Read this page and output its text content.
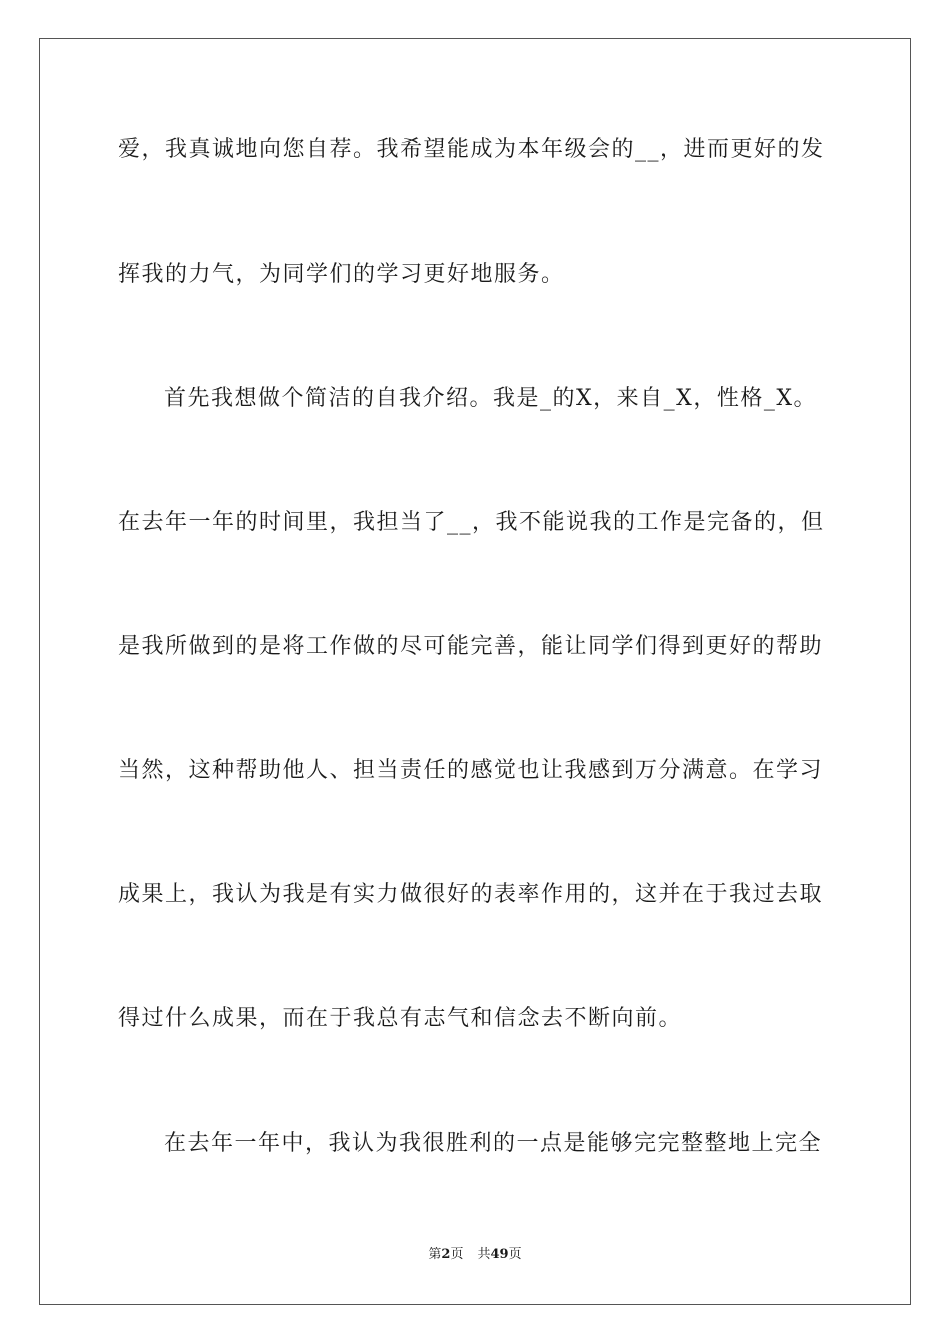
爱，我真诚地向您自荐。我希望能成为本年级会的__，进而更好的发
挥我的力气，为同学们的学习更好地服务。
首先我想做个简洁的自我介绍。我是_的X，来自_X，性格_X。
在去年一年的时间里，我担当了__，我不能说我的工作是完备的，但
是我所做到的是将工作做的尽可能完善，能让同学们得到更好的帮助
当然，这种帮助他人、担当责任的感觉也让我感到万分满意。在学习
成果上，我认为我是有实力做很好的表率作用的，这并在于我过去取
得过什么成果，而在于我总有志气和信念去不断向前。
在去年一年中，我认为我很胜利的一点是能够完完整整地上完全
第2页 共49页
